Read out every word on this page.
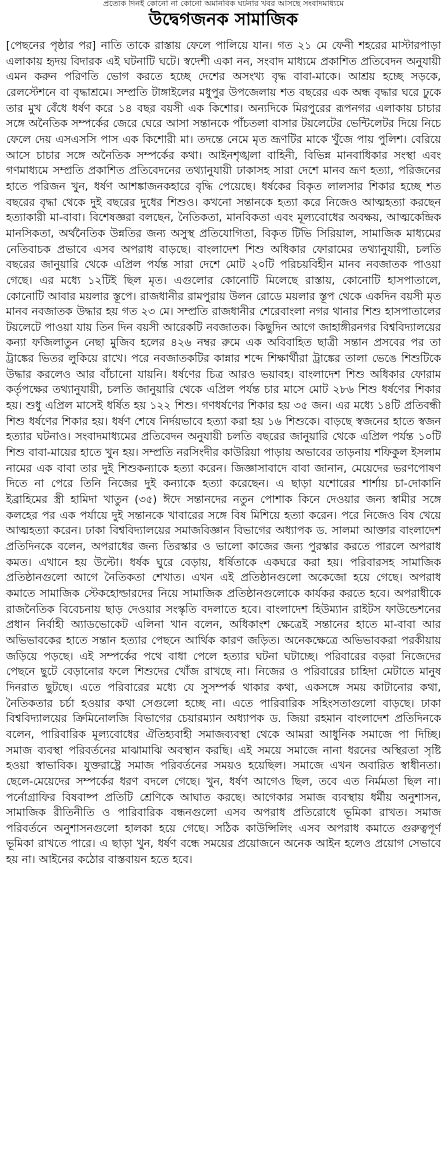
প্রত্যেক দিনই কোনো না কোনো অমানবিক ঘটনার খবর আসছে সংবাদমাধ্যমে
উদ্বেগজনক সামাজিক
[পেছনের পৃষ্ঠার পর] নাতি তাকে রাস্তায় ফেলে পালিয়ে যান। গত ২১ মে ফেনী শহরের মাস্টারপাড়া এলাকায় হৃদয় বিদারক এই ঘটনাটি ঘটে। স্বদেশী একা নন, সংবাদ মাধ্যমে প্রকাশিত প্রতিবেদন অনুযায়ী এমন করুন পরিণতি ভোগ করতে হচ্ছে দেশের অসংখ্য বৃদ্ধ বাবা-মাকে। আশ্রয় হচ্ছে সড়কে, রেলস্টেশনে বা বৃদ্ধাশ্রমে। সম্প্রতি টাঙ্গাইলের মধুপুর উপজেলায় শত বছরের এক অন্ধ বৃদ্ধার ঘরে ঢুকে তার মুখ বেঁধে ধর্ষণ করে ১৪ বছর বয়সী এক কিশোর। অন্যদিকে মিরপুরের রূপনগর এলাকায় চাচার সঙ্গে অনৈতিক সম্পর্কের জেরে ঘেরে আসা সন্তানকে পাঁচতলা বাসার টয়লেটের ভেন্টিলেটর দিয়ে নিচে ফেলে দেয় এসএসসি পাস এক কিশোরী মা। তদন্তে নেমে মৃত ভ্রূণটির মাকে খুঁজে পায় পুলিশ। বেরিয়ে আসে চাচার সঙ্গে অনৈতিক সম্পর্কের কথা। আইনশৃঙ্খলা বাহিনী, বিভিন্ন মানবাধিকার সংস্থা এবং গণমাধ্যমে সম্প্রতি প্রকাশিত প্রতিবেদনের তথ্যানুযায়ী ঢাকাসহ সারা দেশে মানব ভ্রূণ হত্যা, পরিজনের হাতে পরিজন খুন, ধর্ষণ আশঙ্কাজনকহারে বৃদ্ধি পেয়েছে। ধর্ষকের বিকৃত লালসার শিকার হচ্ছে শত বছরের বৃদ্ধা থেকে দুই বছরের দুধের শিশুও। কখনো সন্তানকে হত্যা করে নিজেও আত্মহত্যা করছেন হত্যাকারী মা-বাবা। বিশেষজ্ঞরা বলছেন, নৈতিকতা, মানবিকতা এবং মূল্যবোধের অবক্ষয়, আত্মকেন্দ্রিক মানসিকতা, অর্থনৈতিক উন্নতির জন্য অসুস্থ প্রতিযোগিতা, বিকৃত টিভি সিরিয়াল, সামাজিক মাধ্যমের নেতিবাচক প্রভাবে এসব অপরাধ বাড়ছে। বাংলাদেশ শিশু অধিকার ফোরামের তথ্যানুযায়ী, চলতি বছরের জানুয়ারি থেকে এপ্রিল পর্যন্ত সারা দেশে মোট ২০টি পরিচয়বিহীন মানব নবজাতক পাওয়া গেছে। এর মধ্যে ১২টিই ছিল মৃত। এগুলোর কোনোটি মিলেছে রাস্তায়, কোনোটি হাসপাতালে, কোনোটি আবার ময়লার স্তূপে। রাজধানীর রামপুরায় উলন রোডে ময়লার স্তূপ থেকে একদিন বয়সী মৃত মানব নবজাতক উদ্ধার হয় গত ২৩ মে। সম্প্রতি রাজধানীর শেরেবাংলা নগর থানার শিশু হাসপাতালের টয়লেটে পাওয়া যায় তিন দিন বয়সী আরেকটি নবজাতক। কিছুদিন আগে জাহাঙ্গীরনগর বিশ্ববিদ্যালয়ের কন্যা ফজিলাতুন নেছা মুজিব হলের ৪২৬ নম্বর রুমে এক অবিবাহিত ছাত্রী সন্তান প্রসবের পর তা ট্রাঙ্কের ভিতর লুকিয়ে রাখে। পরে নবজাতকটির কান্নার শব্দে শিক্ষার্থীরা ট্রাঙ্কের তালা ভেঙে শিশুটিকে উদ্ধার করলেও আর বাঁচানো যায়নি। ধর্ষণের চিত্র আরও ভয়াবহ। বাংলাদেশ শিশু অধিকার ফোরাম কর্তৃপক্ষের তথ্যানুযায়ী, চলতি জানুয়ারি থেকে এপ্রিল পর্যন্ত চার মাসে মোট ২৮৬ শিশু ধর্ষণের শিকার হয়। শুধু এপ্রিল মাসেই ধর্ষিত হয় ১২২ শিশু। গণধর্ষণের শিকার হয় ৩৫ জন। এর মধ্যে ১৪টি প্রতিবন্ধী শিশু ধর্ষণের শিকার হয়। ধর্ষণ শেষে নির্দয়ভাবে হত্যা করা হয় ১৬ শিশুকে। বাড়ছে স্বজনের হাতে স্বজন হত্যার ঘটনাও। সংবাদমাধ্যমের প্রতিবেদন অনুযায়ী চলতি বছরের জানুয়ারি থেকে এপ্রিল পর্যন্ত ১০টি শিশু বাবা-মায়ের হাতে খুন হয়। সম্প্রতি নরসিংদীর কাউরিয়া পাড়ায় অভাবের তাড়নায় শফিকুল ইসলাম নামের এক বাবা তার দুই শিশুকন্যাকে হত্যা করেন। জিজ্ঞাসাবাদে বাবা জানান, মেয়েদের ভরণপোষণ দিতে না পেরে তিনি নিজের দুই কন্যাকে হত্যা করেছেন। এ ছাড়া যশোরের শার্শায় চা-দোকানি ইব্রাহিমের স্ত্রী হামিদা খাতুন (৩৫) ঈদে সন্তানদের নতুন পোশাক কিনে দেওয়ার জন্য স্বামীর সঙ্গে কলহের পর এক পর্যায়ে দুই সন্তানকে খাবারের সঙ্গে বিষ মিশিয়ে হত্যা করেন। পরে নিজেও বিষ খেয়ে আত্মহত্যা করেন। ঢাকা বিশ্ববিদ্যালয়ের সমাজবিজ্ঞান বিভাগের অধ্যাপক ড. সালমা আক্তার বাংলাদেশ প্রতিদিনকে বলেন, অপরাধের জন্য তিরস্কার ও ভালো কাজের জন্য পুরস্কার করতে পারলে অপরাধ কমত। এখানে হয় উল্টো। ধর্ষক ঘুরে বেড়ায়, ধর্ষিতাকে একঘরে করা হয়। পরিবারসহ সামাজিক প্রতিষ্ঠানগুলো আগে নৈতিকতা শেখাত। এখন এই প্রতিষ্ঠানগুলো অকেজো হয়ে গেছে। অপরাধ কমাতে সামাজিক স্টেকহোল্ডারদের নিয়ে সামাজিক প্রতিষ্ঠানগুলোকে কার্যকর করতে হবে। অপরাধীকে রাজনৈতিক বিবেচনায় ছাড় দেওয়ার সংস্কৃতি বদলাতে হবে। বাংলাদেশ হিউম্যান রাইটস ফাউন্ডেশনের প্রধান নির্বাহী অ্যাডভোকেট এলিনা খান বলেন, অধিকাংশ ক্ষেত্রেই সন্তানের হাতে মা-বাবা আর অভিভাবকের হাতে সন্তান হত্যার পেছনে আর্থিক কারণ জড়িত। অনেকক্ষেত্রে অভিভাবকরা পরকীয়ায় জড়িয়ে পড়ছে। এই সম্পর্কের পথে বাধা পেলে হত্যার ঘটনা ঘটাচ্ছে। পরিবারের বড়রা নিজেদের পেছনে ছুটে বেড়ানোর ফলে শিশুদের খোঁজ রাখছে না। নিজের ও পরিবারের চাহিদা মেটাতে মানুষ দিনরাত ছুটছে। এতে পরিবারের মধ্যে যে সুসম্পর্ক থাকার কথা, একসঙ্গে সময় কাটানোর কথা, নৈতিকতার চর্চা হওয়ার কথা সেগুলো হচ্ছে না। এতে পারিবারিক সহিংসতাগুলো বাড়ছে। ঢাকা বিশ্ববিদ্যালয়ের ক্রিমিনোলজি বিভাগের চেয়ারম্যান অধ্যাপক ড. জিয়া রহমান বাংলাদেশ প্রতিদিনকে বলেন, পারিবারিক মূল্যবোধের ঐতিহ্যবাহী সমাজব্যবস্থা থেকে আমরা আধুনিক সমাজে পা দিচ্ছি। সমাজ ব্যবস্থা পরিবর্তনের মাঝামাঝি অবস্থান করছি। এই সময়ে সমাজে নানা ধরনের অস্থিরতা সৃষ্টি হওয়া স্বাভাবিক। যুক্তরাষ্ট্রে সমাজ পরিবর্তনের সময়ও হয়েছিল। সমাজে এখন অবারিত স্বাধীনতা। ছেলে-মেয়েদের সম্পর্কের ধরণ বদলে গেছে। খুন, ধর্ষণ আগেও ছিল, তবে এত নির্মমতা ছিল না। পর্নোগ্রাফির বিষবাষ্প প্রতিটি শ্রেণিকে আঘাত করছে। আগেকার সমাজ ব্যবস্থায় ধর্মীয় অনুশাসন, সামাজিক রীতিনীতি ও পারিবারিক বন্ধনগুলো এসব অপরাধ প্রতিরোধে ভূমিকা রাখত। সমাজ পরিবর্তনে অনুশাসনগুলো হালকা হয়ে গেছে। সঠিক কাউন্সিলিং এসব অপরাধ কমাতে গুরুত্বপূর্ণ ভূমিকা রাখতে পারে। এ ছাড়া খুন, ধর্ষণ বন্ধে সময়ের প্রয়োজনে অনেক আইন হলেও প্রয়োগ সেভাবে হয় না। আইনের কঠোর বাস্তবায়ন হতে হবে।
